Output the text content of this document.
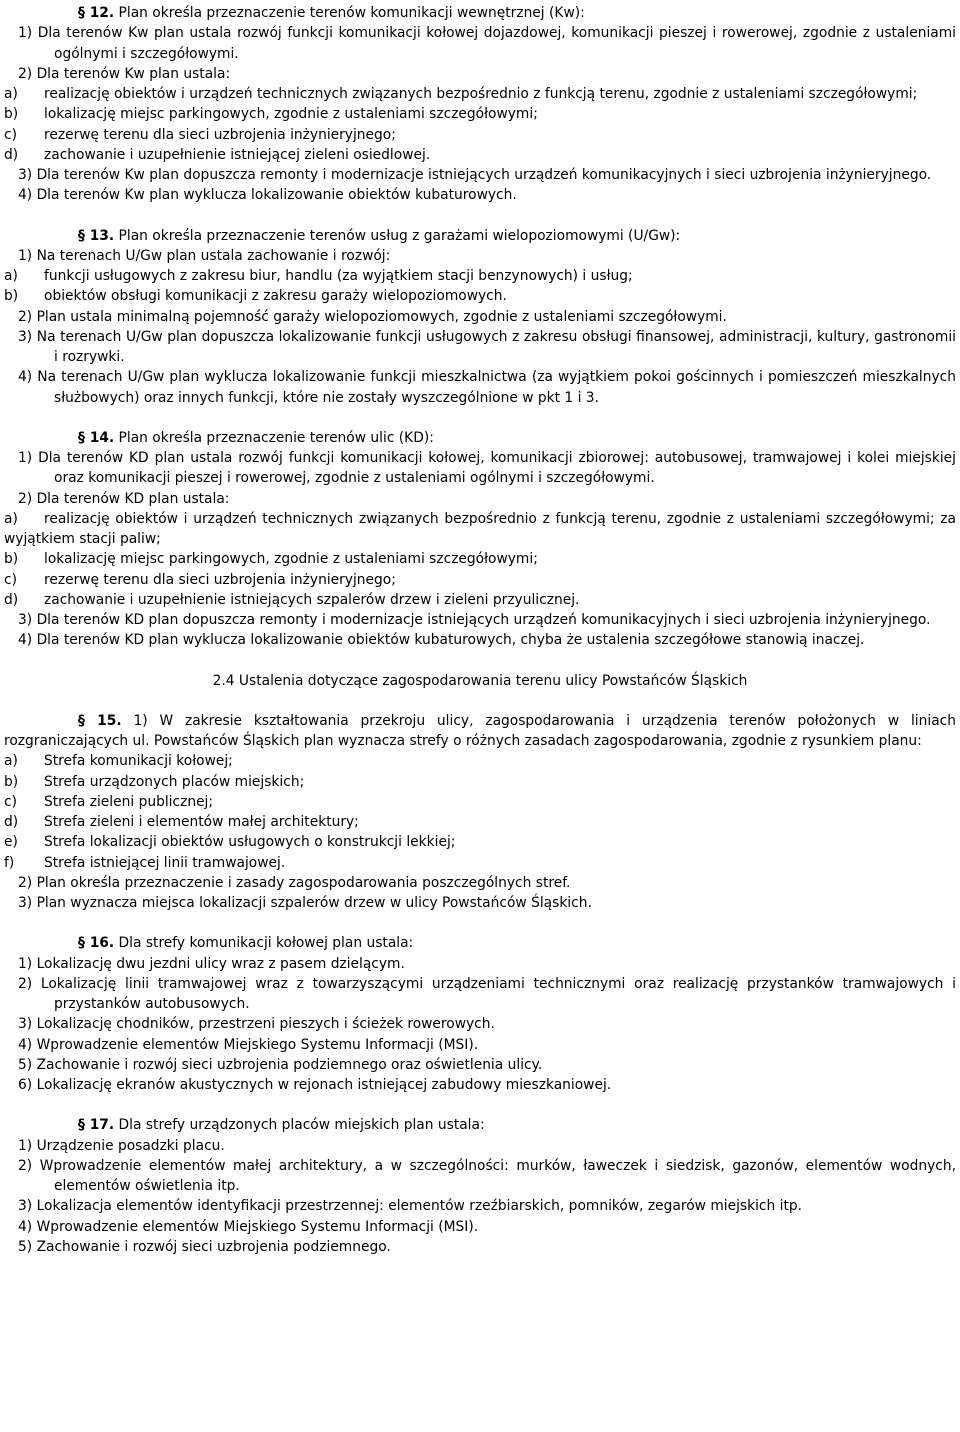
§ 12. Plan określa przeznaczenie terenów komunikacji wewnętrznej (Kw):
1) Dla terenów Kw plan ustala rozwój funkcji komunikacji kołowej dojazdowej, komunikacji pieszej i rowerowej, zgodnie z ustaleniami ogólnymi i szczegółowymi.
2) Dla terenów Kw plan ustala:
a) realizację obiektów i urządzeń technicznych związanych bezpośrednio z funkcją terenu, zgodnie z ustaleniami szczegółowymi;
b) lokalizację miejsc parkingowych, zgodnie z ustaleniami szczegółowymi;
c) rezerwę terenu dla sieci uzbrojenia inżynieryjnego;
d) zachowanie i uzupełnienie istniejącej zieleni osiedlowej.
3) Dla terenów Kw plan dopuszcza remonty i modernizacje istniejących urządzeń komunikacyjnych i sieci uzbrojenia inżynieryjnego.
4) Dla terenów Kw plan wyklucza lokalizowanie obiektów kubaturowych.
§ 13. Plan określa przeznaczenie terenów usług z garażami wielopoziomowymi (U/Gw):
1) Na terenach U/Gw plan ustala zachowanie i rozwój:
a) funkcji usługowych z zakresu biur, handlu (za wyjątkiem stacji benzynowych) i usług;
b) obiektów obsługi komunikacji z zakresu garaży wielopoziomowych.
2) Plan ustala minimalną pojemność garaży wielopoziomowych, zgodnie z ustaleniami szczegółowymi.
3) Na terenach U/Gw plan dopuszcza lokalizowanie funkcji usługowych z zakresu obsługi finansowej, administracji, kultury, gastronomii i rozrywki.
4) Na terenach U/Gw plan wyklucza lokalizowanie funkcji mieszkalnictwa (za wyjątkiem pokoi gościnnych i pomieszczeń mieszkalnych służbowych) oraz innych funkcji, które nie zostały wyszczególnione w pkt 1 i 3.
§ 14. Plan określa przeznaczenie terenów ulic (KD):
1) Dla terenów KD plan ustala rozwój funkcji komunikacji kołowej, komunikacji zbiorowej: autobusowej, tramwajowej i kolei miejskiej oraz komunikacji pieszej i rowerowej, zgodnie z ustaleniami ogólnymi i szczegółowymi.
2) Dla terenów KD plan ustala:
a) realizację obiektów i urządzeń technicznych związanych bezpośrednio z funkcją terenu, zgodnie z ustaleniami szczegółowymi; za wyjątkiem stacji paliw;
b) lokalizację miejsc parkingowych, zgodnie z ustaleniami szczegółowymi;
c) rezerwę terenu dla sieci uzbrojenia inżynieryjnego;
d) zachowanie i uzupełnienie istniejących szpalerów drzew i zieleni przyulicznej.
3) Dla terenów KD plan dopuszcza remonty i modernizacje istniejących urządzeń komunikacyjnych i sieci uzbrojenia inżynieryjnego.
4) Dla terenów KD plan wyklucza lokalizowanie obiektów kubaturowych, chyba że ustalenia szczegółowe stanowią inaczej.
2.4 Ustalenia dotyczące zagospodarowania terenu ulicy Powstańców Śląskich
§ 15. 1) W zakresie kształtowania przekroju ulicy, zagospodarowania i urządzenia terenów położonych w liniach rozgraniczających ul. Powstańców Śląskich plan wyznacza strefy o różnych zasadach zagospodarowania, zgodnie z rysunkiem planu:
a) Strefa komunikacji kołowej;
b) Strefa urządzonych placów miejskich;
c) Strefa zieleni publicznej;
d) Strefa zieleni i elementów małej architektury;
e) Strefa lokalizacji obiektów usługowych o konstrukcji lekkiej;
f) Strefa istniejącej linii tramwajowej.
2) Plan określa przeznaczenie i zasady zagospodarowania poszczególnych stref.
3) Plan wyznacza miejsca lokalizacji szpalerów drzew w ulicy Powstańców Śląskich.
§ 16. Dla strefy komunikacji kołowej plan ustala:
1) Lokalizację dwu jezdni ulicy wraz z pasem dzielącym.
2) Lokalizację linii tramwajowej wraz z towarzyszącymi urządzeniami technicznymi oraz realizację przystanków tramwajowych i przystanków autobusowych.
3) Lokalizację chodników, przestrzeni pieszych i ścieżek rowerowych.
4) Wprowadzenie elementów Miejskiego Systemu Informacji (MSI).
5) Zachowanie i rozwój sieci uzbrojenia podziemnego oraz oświetlenia ulicy.
6) Lokalizację ekranów akustycznych w rejonach istniejącej zabudowy mieszkaniowej.
§ 17. Dla strefy urządzonych placów miejskich plan ustala:
1) Urządzenie posadzki placu.
2) Wprowadzenie elementów małej architektury, a w szczególności: murków, ławeczek i siedzisk, gazonów, elementów wodnych, elementów oświetlenia itp.
3) Lokalizacja elementów identyfikacji przestrzennej: elementów rzeźbiarskich, pomników, zegarów miejskich itp.
4) Wprowadzenie elementów Miejskiego Systemu Informacji (MSI).
5) Zachowanie i rozwój sieci uzbrojenia podziemnego.
